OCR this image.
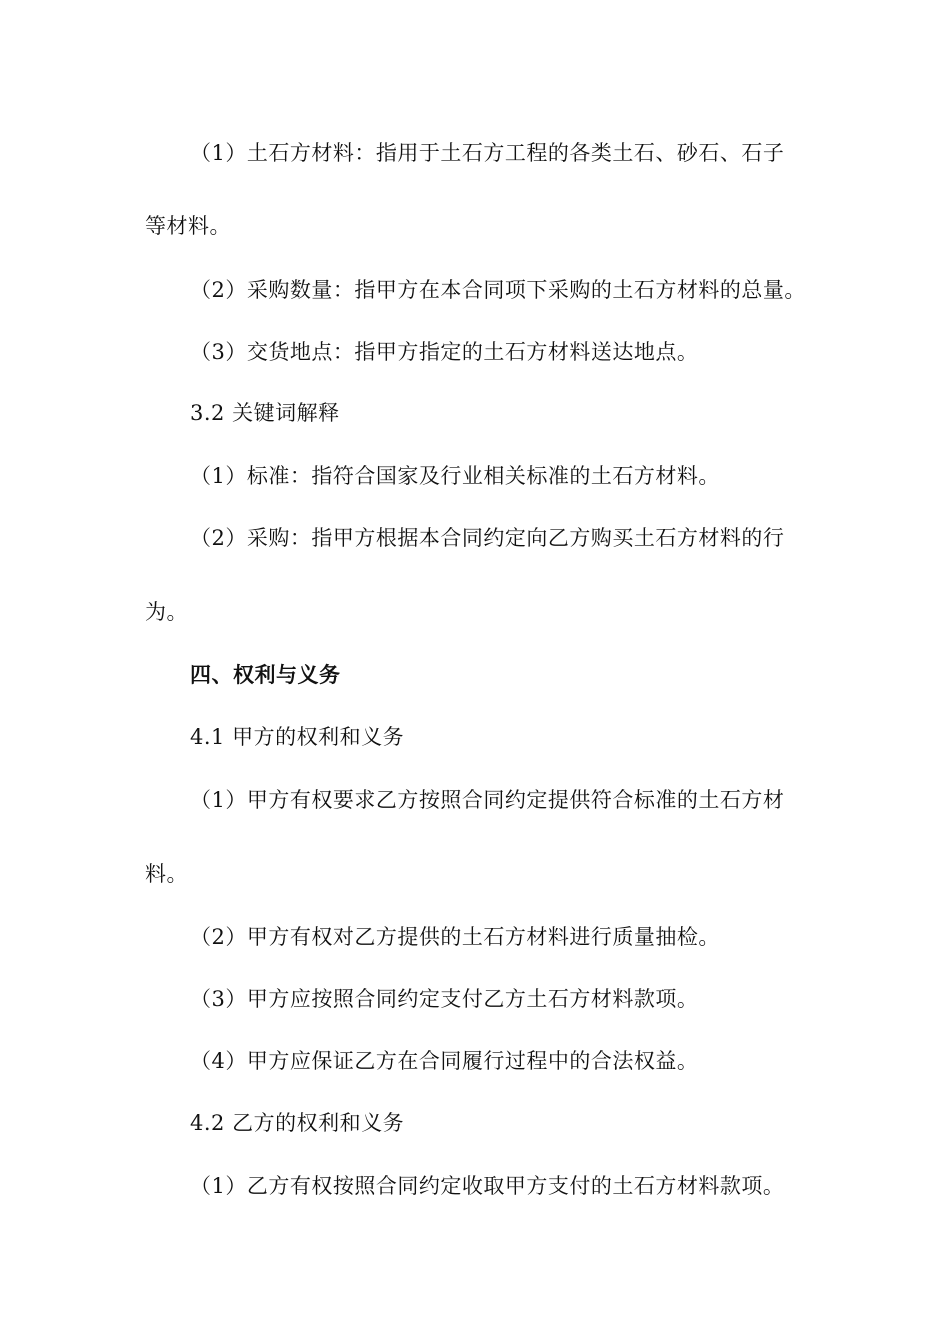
（1）土石方材料：指用于土石方工程的各类土石、砂石、石子
等材料。
（2）采购数量：指甲方在本合同项下采购的土石方材料的总量。
（3）交货地点：指甲方指定的土石方材料送达地点。
3.2 关键词解释
（1）标准：指符合国家及行业相关标准的土石方材料。
（2）采购：指甲方根据本合同约定向乙方购买土石方材料的行
为。
四、权利与义务
4.1 甲方的权利和义务
（1）甲方有权要求乙方按照合同约定提供符合标准的土石方材
料。
（2）甲方有权对乙方提供的土石方材料进行质量抽检。
（3）甲方应按照合同约定支付乙方土石方材料款项。
（4）甲方应保证乙方在合同履行过程中的合法权益。
4.2 乙方的权利和义务
（1）乙方有权按照合同约定收取甲方支付的土石方材料款项。
